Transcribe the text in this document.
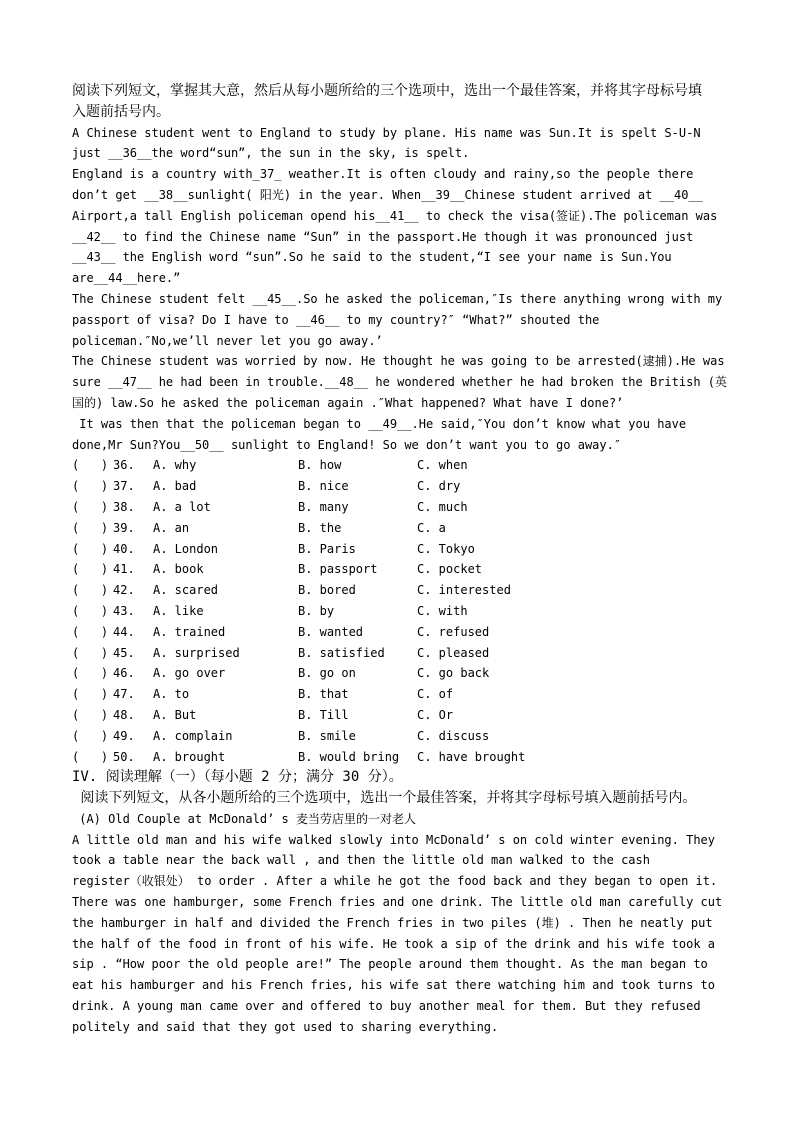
阅读下列短文，掌握其大意，然后从每小题所给的三个选项中，选出一个最佳答案，并将其字母标号填
入题前括号内。
A Chinese student went to England to study by plane. His name was Sun.It is spelt S-U-N
just __36__the word“sun”, the sun in the sky, is spelt.
England is a country with_37_ weather.It is often cloudy and rainy,so the people there
don’t get __38__sunlight( 阳光) in the year. When__39__Chinese student arrived at __40__
Airport,a tall English policeman opend his__41__ to check the visa(签证).The policeman was
__42__ to find the Chinese name “Sun” in the passport.He though it was pronounced just
__43__ the English word “sun”.So he said to the student,“I see your name is Sun.You
are__44__here.”
The Chinese student felt __45__.So he asked the policeman,″Is there anything wrong with my
passport of visa? Do I have to __46__ to my country?″ “What?” shouted the
policeman.″No,we’ll never let you go away.’
The Chinese student was worried by now. He thought he was going to be arrested(逮捕).He was
sure __47__ he had been in trouble.__48__ he wondered whether he had broken the British (英
国的) law.So he asked the policeman again .″What happened? What have I done?’
It was then that the policeman began to __49__.He said,″You don’t know what you have
done,Mr Sun?You__50__ sunlight to England! So we don’t want you to go away.″
(   ) 36.	A. why	B. how	C. when
(   ) 37.	A. bad	B. nice	C. dry
(   ) 38.	A. a lot	B. many	C. much
(   ) 39.	A. an	B. the	C. a
(   ) 40.	A. London	B. Paris	C. Tokyo
(   ) 41.	A. book	B. passport	C. pocket
(   ) 42.	A. scared	B. bored	C. interested
(   ) 43.	A. like	B. by	C. with
(   ) 44.	A. trained	B. wanted	C. refused
(   ) 45.	A. surprised	B. satisfied	C. pleased
(   ) 46.	A. go over	B. go on	C. go back
(   ) 47.	A. to	B. that	C. of
(   ) 48.	A. But	B. Till	C. Or
(   ) 49.	A. complain	B. smile	C. discuss
(   ) 50.	A. brought	B. would bring	C. have brought
IV. 阅读理解（一）（每小题 2 分；满分 30 分）。
阅读下列短文，从各小题所给的三个选项中，选出一个最佳答案，并将其字母标号填入题前括号内。
(A) Old Couple at McDonald’ s 麦当劳店里的一对老人
A little old man and his wife walked slowly into McDonald’ s on cold winter evening. They
took a table near the back wall , and then the little old man walked to the cash
register（收银处） to order . After a while he got the food back and they began to open it.
There was one hamburger, some French fries and one drink. The little old man carefully cut
the hamburger in half and divided the French fries in two piles (堆) . Then he neatly put
the half of the food in front of his wife. He took a sip of the drink and his wife took a
sip . “How poor the old people are!” The people around them thought. As the man began to
eat his hamburger and his French fries, his wife sat there watching him and took turns to
drink. A young man came over and offered to buy another meal for them. But they refused
politely and said that they got used to sharing everything.
